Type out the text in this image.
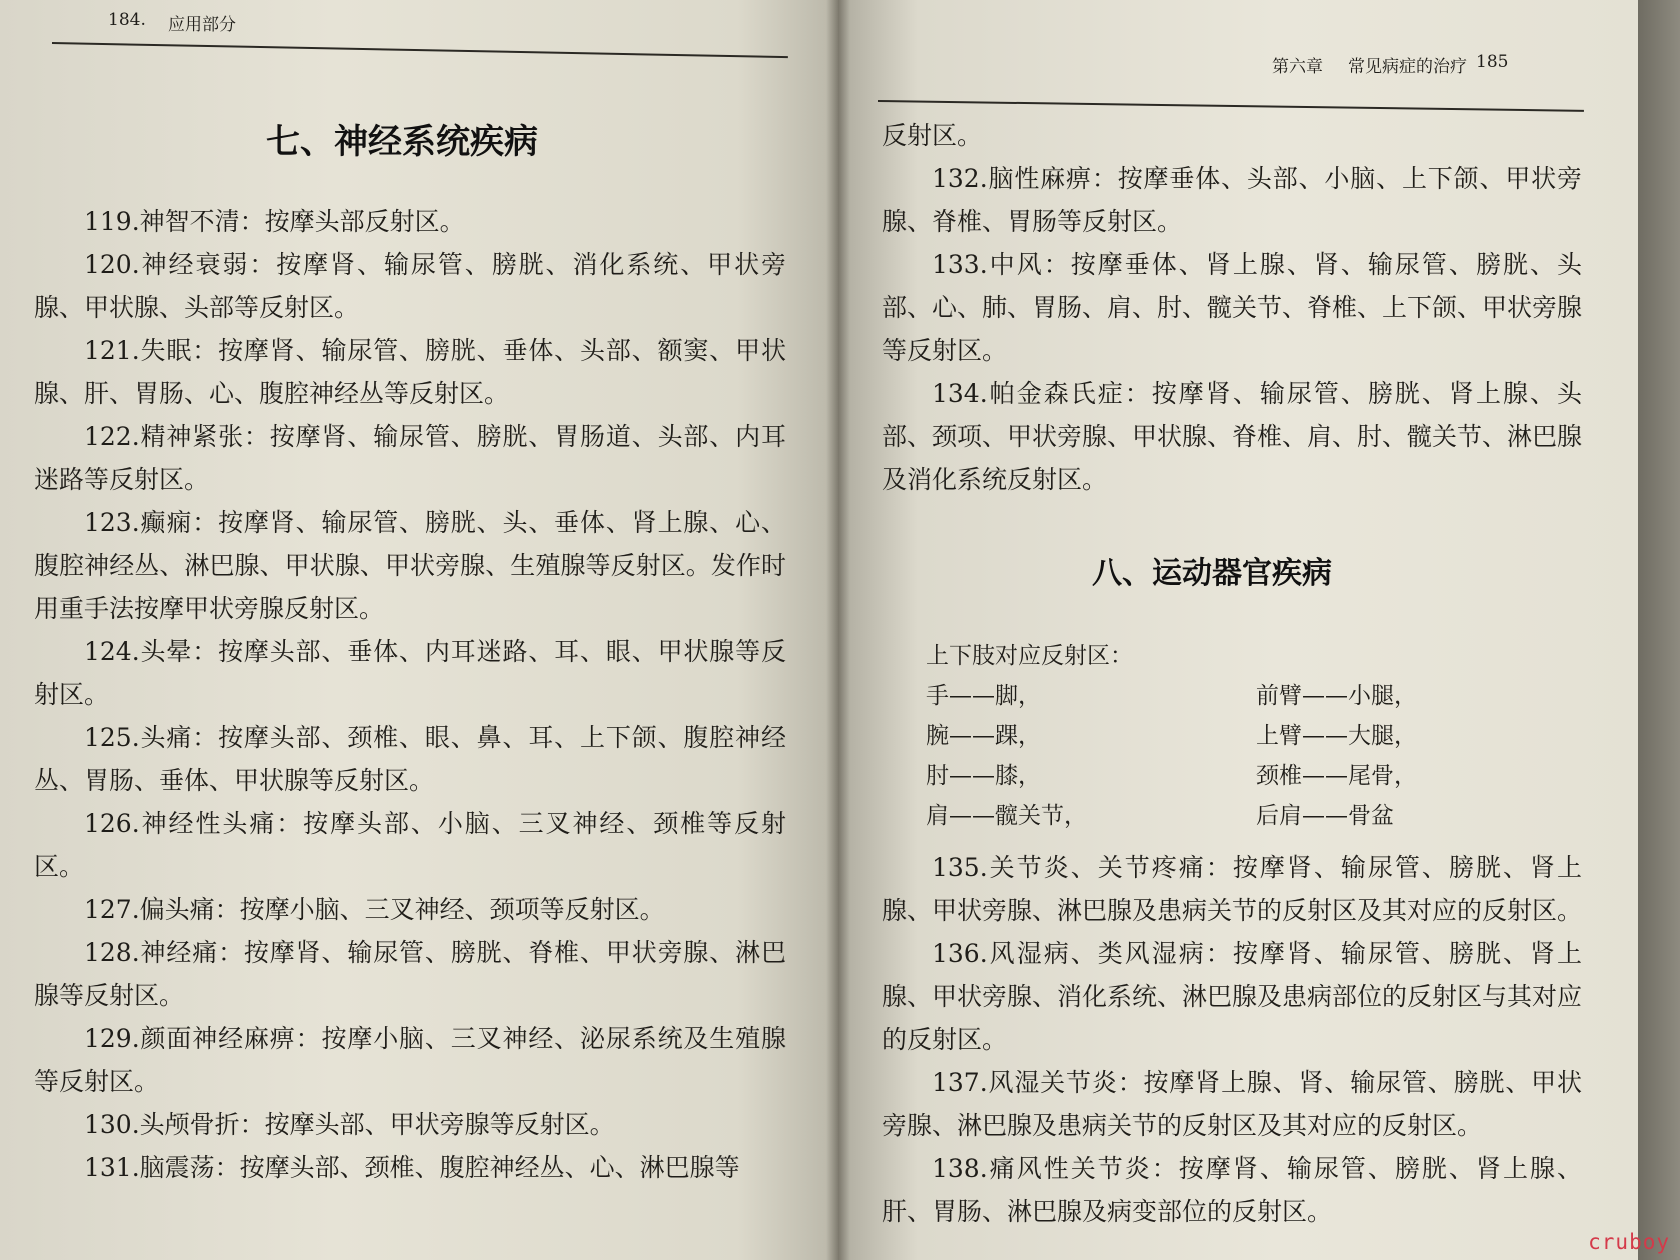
184. 应用部分
七、神经系统疾病

119.神智不清：按摩头部反射区。

120.神经衰弱：按摩肾、输尿管、膀胱、消化系统、甲状旁腺、甲状腺、头部等反射区。

121.失眠：按摩肾、输尿管、膀胱、垂体、头部、额窦、甲状腺、肝、胃肠、心、腹腔神经丛等反射区。

122.精神紧张：按摩肾、输尿管、膀胱、胃肠道、头部、内耳迷路等反射区。

123.癫痫：按摩肾、输尿管、膀胱、头、垂体、肾上腺、心、腹腔神经丛、淋巴腺、甲状腺、甲状旁腺、生殖腺等反射区。发作时用重手法按摩甲状旁腺反射区。

124.头晕：按摩头部、垂体、内耳迷路、耳、眼、甲状腺等反射区。

125.头痛：按摩头部、颈椎、眼、鼻、耳、上下颌、腹腔神经丛、胃肠、垂体、甲状腺等反射区。

126.神经性头痛：按摩头部、小脑、三叉神经、颈椎等反射区。

127.偏头痛：按摩小脑、三叉神经、颈项等反射区。

128.神经痛：按摩肾、输尿管、膀胱、脊椎、甲状旁腺、淋巴腺等反射区。

129.颜面神经麻痹：按摩小脑、三叉神经、泌尿系统及生殖腺等反射区。

130.头颅骨折：按摩头部、甲状旁腺等反射区。

131.脑震荡：按摩头部、颈椎、腹腔神经丛、心、淋巴腺等

第六章 常见病症的治疗 185

反射区。

132.脑性麻痹：按摩垂体、头部、小脑、上下颌、甲状旁腺、脊椎、胃肠等反射区。

133.中风：按摩垂体、肾上腺、肾、输尿管、膀胱、头部、心、肺、胃肠、肩、肘、髋关节、脊椎、上下颌、甲状旁腺等反射区。

134.帕金森氏症：按摩肾、输尿管、膀胱、肾上腺、头部、颈项、甲状旁腺、甲状腺、脊椎、肩、肘、髋关节、淋巴腺及消化系统反射区。

八、运动器官疾病
上下肢对应反射区：
手——脚，	前臂——小腿，
腕——踝，	上臂——大腿，
肘——膝，	颈椎——尾骨，
肩——髋关节，	后肩——骨盆

135.关节炎、关节疼痛：按摩肾、输尿管、膀胱、肾上腺、甲状旁腺、淋巴腺及患病关节的反射区及其对应的反射区。

136.风湿病、类风湿病：按摩肾、输尿管、膀胱、肾上腺、甲状旁腺、消化系统、淋巴腺及患病部位的反射区与其对应的反射区。

137.风湿关节炎：按摩肾上腺、肾、输尿管、膀胱、甲状旁腺、淋巴腺及患病关节的反射区及其对应的反射区。

138.痛风性关节炎：按摩肾、输尿管、膀胱、肾上腺、肝、胃肠、淋巴腺及病变部位的反射区。

cruboy
